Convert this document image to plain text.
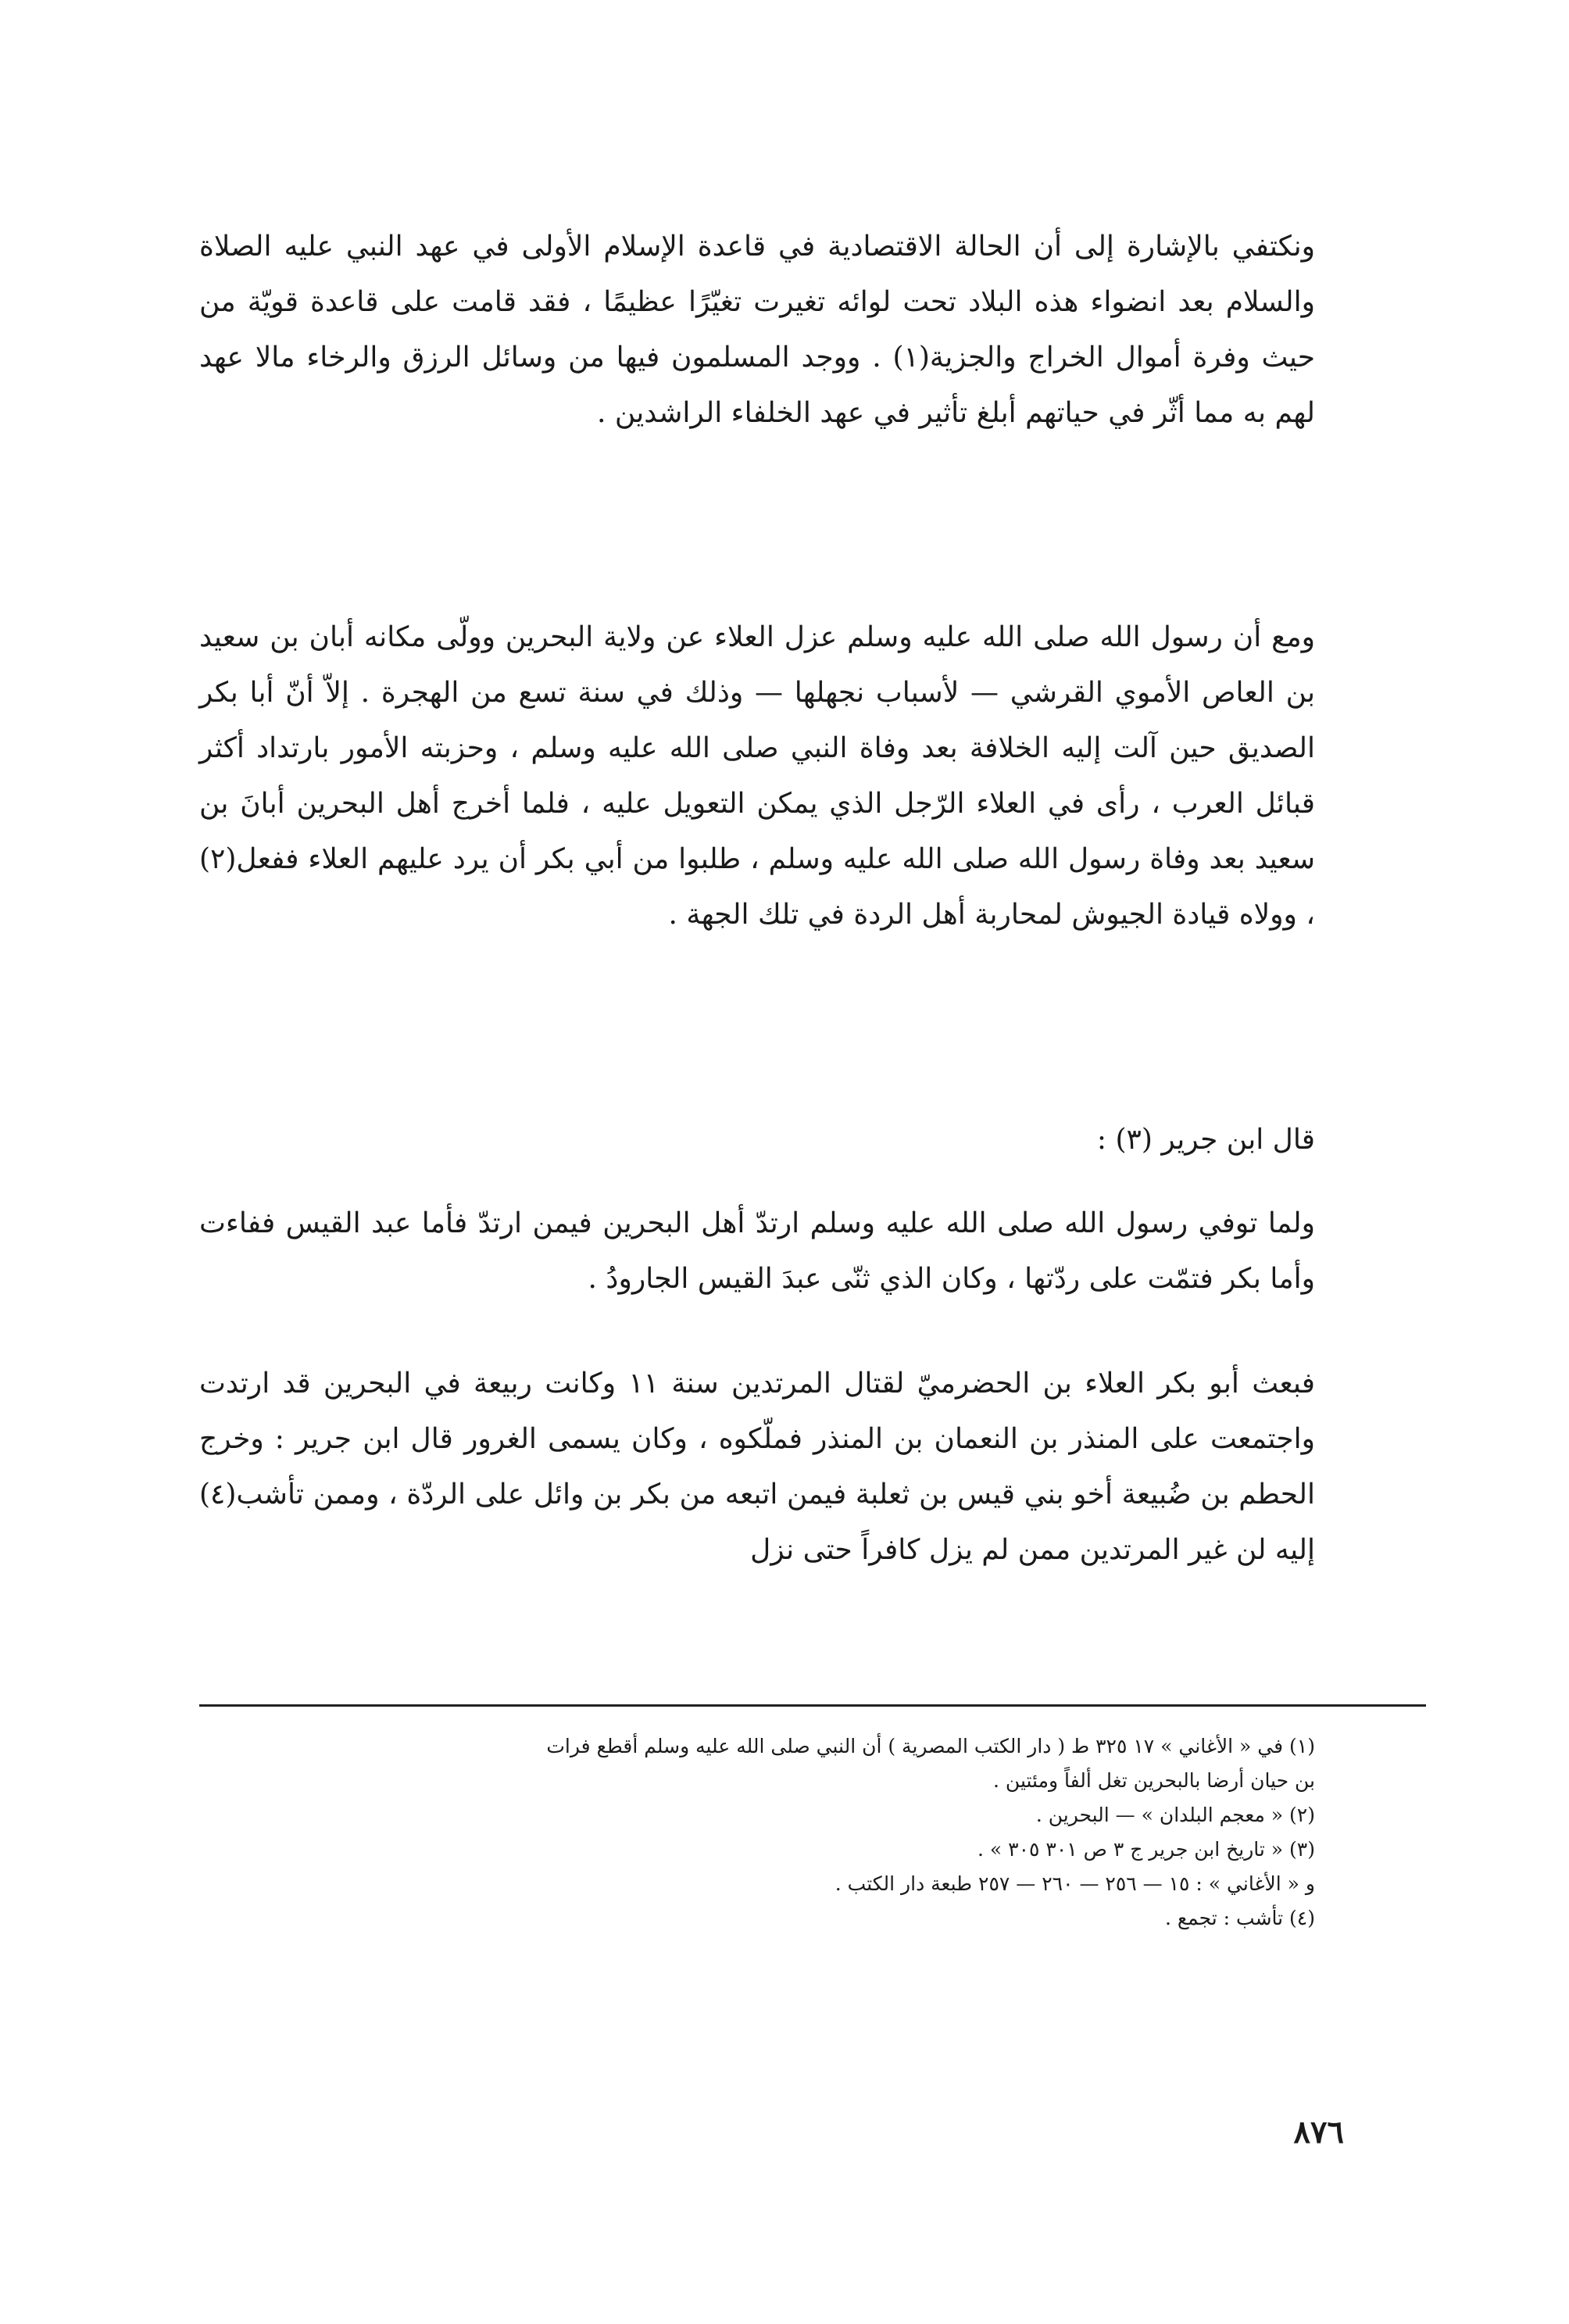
ونكتفي بالإشارة إلى أن الحالة الاقتصادية في قاعدة الإسلام الأولى في عهد النبي عليه الصلاة والسلام بعد انضواء هذه البلاد تحت لوائه تغيرت تغيّرًا عظيمًا ، فقد قامت على قاعدة قويّة من حيث وفرة أموال الخراج والجزية(١) . ووجد المسلمون فيها من وسائل الرزق والرخاء مالا عهد لهم به مما أثّر في حياتهم أبلغ تأثير في عهد الخلفاء الراشدين .

ومع أن رسول الله صلى الله عليه وسلم عزل العلاء عن ولاية البحرين وولّى مكانه أبان بن سعيد بن العاص الأموي القرشي — لأسباب نجهلها — وذلك في سنة تسع من الهجرة . إلاّ أنّ أبا بكر الصديق حين آلت إليه الخلافة بعد وفاة النبي صلى الله عليه وسلم ، وحزبته الأمور بارتداد أكثر قبائل العرب ، رأى في العلاء الرّجل الذي يمكن التعويل عليه ، فلما أخرج أهل البحرين أبانَ بن سعيد بعد وفاة رسول الله صلى الله عليه وسلم ، طلبوا من أبي بكر أن يرد عليهم العلاء ففعل(٢) ، وولاه قيادة الجيوش لمحاربة أهل الردة في تلك الجهة .

قال ابن جرير (٣) :

ولما توفي رسول الله صلى الله عليه وسلم ارتدّ أهل البحرين فيمن ارتدّ فأما عبد القيس ففاءت وأما بكر فتمّت على ردّتها ، وكان الذي ثنّى عبدَ القيس الجارودُ .

فبعث أبو بكر العلاء بن الحضرميّ لقتال المرتدين سنة ١١ وكانت ربيعة في البحرين قد ارتدت واجتمعت على المنذر بن النعمان بن المنذر فملّكوه ، وكان يسمى الغرور قال ابن جرير : وخرج الحطم بن ضُبيعة أخو بني قيس بن ثعلبة فيمن اتبعه من بكر بن وائل على الردّة ، وممن تأشب(٤) إليه لن غير المرتدين ممن لم يزل كافراً حتى نزل

(١) في « الأغاني » ١٧ ٣٢٥ ط ( دار الكتب المصرية ) أن النبي صلى الله عليه وسلم أقطع فرات
بن حيان أرضا بالبحرين تغل ألفاً ومئتين .
(٢) « معجم البلدان » — البحرين .
(٣) « تاريخ ابن جرير ج ٣ ص ٣٠١ ٣٠٥ » .
و « الأغاني » : ١٥ — ٢٥٦ — ٢٦٠ — ٢٥٧ طبعة دار الكتب .
(٤) تأشب : تجمع .
٨٧٦
